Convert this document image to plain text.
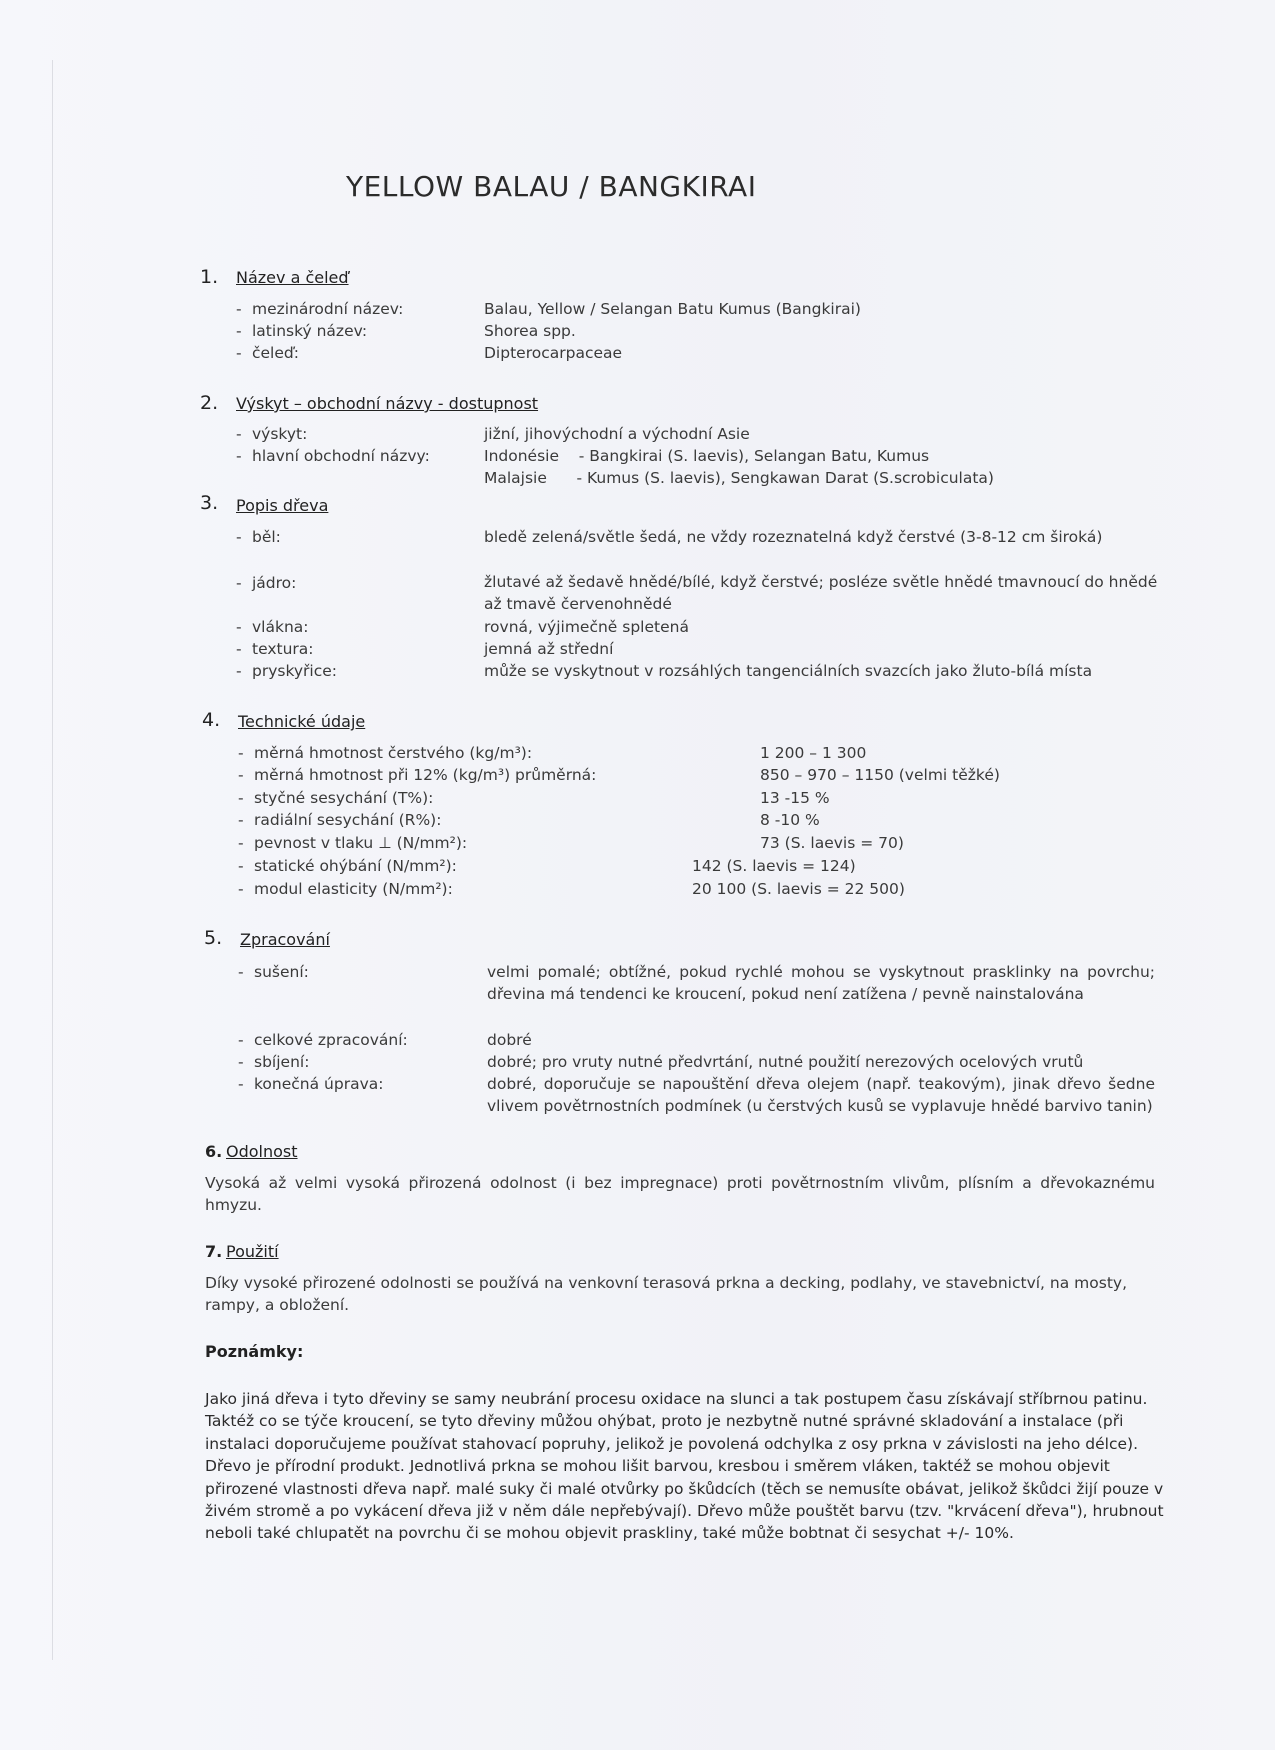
YELLOW BALAU / BANGKIRAI
1. Název a čeleď
- mezinárodní název:	Balau, Yellow / Selangan Batu Kumus (Bangkirai)
- latinský název:	Shorea spp.
- čeleď:	Dipterocarpaceae
2. Výskyt – obchodní názvy - dostupnost
- výskyt:	jižní, jihovýchodní a východní Asie
- hlavní obchodní názvy:	Indonésie    - Bangkirai (S. laevis), Selangan Batu, Kumus
Malajsie      - Kumus (S. laevis), Sengkawan Darat (S.scrobiculata)
3. Popis dřeva
- běl:	bledě zelená/světle šedá, ne vždy rozeznatelná když čerstvé (3-8-12 cm široká)
- jádro:	žlutavé až šedavě hnědé/bílé, když čerstvé; posléze světle hnědé tmavnoucí do hnědé až tmavě červenohnědé
- vlákna:	rovná, výjimečně spletená
- textura:	jemná až střední
- pryskyřice:	může se vyskytnout v rozsáhlých tangenciálních svazcích jako žluto-bílá místa
4. Technické údaje
- měrná hmotnost čerstvého (kg/m³):	1 200 – 1 300
- měrná hmotnost při 12% (kg/m³) průměrná:	850 – 970 – 1150 (velmi těžké)
- styčné sesychání (T%):	13 -15 %
- radiální sesychání (R%):	8 -10 %
- pevnost v tlaku ⊥ (N/mm²):	73 (S. laevis = 70)
- statické ohýbání (N/mm²):	142 (S. laevis = 124)
- modul elasticity (N/mm²):	20 100 (S. laevis = 22 500)
5. Zpracování
- sušení:	velmi pomalé; obtížné, pokud rychlé mohou se vyskytnout prasklinky na povrchu; dřevina má tendenci ke kroucení, pokud není zatížena / pevně nainstalována
- celkové zpracování:	dobré
- sbíjení:	dobré; pro vruty nutné předvrtání, nutné použití nerezových ocelových vrutů
- konečná úprava:	dobré, doporučuje se napouštění dřeva olejem (např. teakovým), jinak dřevo šedne vlivem povětrnostních podmínek (u čerstvých kusů se vyplavuje hnědé barvivo tanin)
6. Odolnost
Vysoká až velmi vysoká přirozená odolnost (i bez impregnace) proti povětrnostním vlivům, plísním a dřevokaznému hmyzu.
7. Použití
Díky vysoké přirozené odolnosti se používá na venkovní terasová prkna a decking, podlahy, ve stavebnictví, na mosty, rampy, a obložení.
Poznámky:
Jako jiná dřeva i tyto dřeviny se samy neubrání procesu oxidace na slunci a tak postupem času získávají stříbrnou patinu. Taktéž co se týče kroucení, se tyto dřeviny můžou ohýbat, proto je nezbytně nutné správné skladování a instalace (při instalaci doporučujeme používat stahovací popruhy, jelikož je povolená odchylka z osy prkna v závislosti na jeho délce). Dřevo je přírodní produkt. Jednotlivá prkna se mohou lišit barvou, kresbou i směrem vláken, taktéž se mohou objevit přirozené vlastnosti dřeva např. malé suky či malé otvůrky po škůdcích (těch se nemusíte obávat, jelikož škůdci žijí pouze v živém stromě a po vykácení dřeva již v něm dále nepřebývají). Dřevo může pouštět barvu (tzv. "krvácení dřeva"), hrubnout neboli také chlupatět na povrchu či se mohou objevit praskliny, také může bobtnat či sesychat +/- 10%.
